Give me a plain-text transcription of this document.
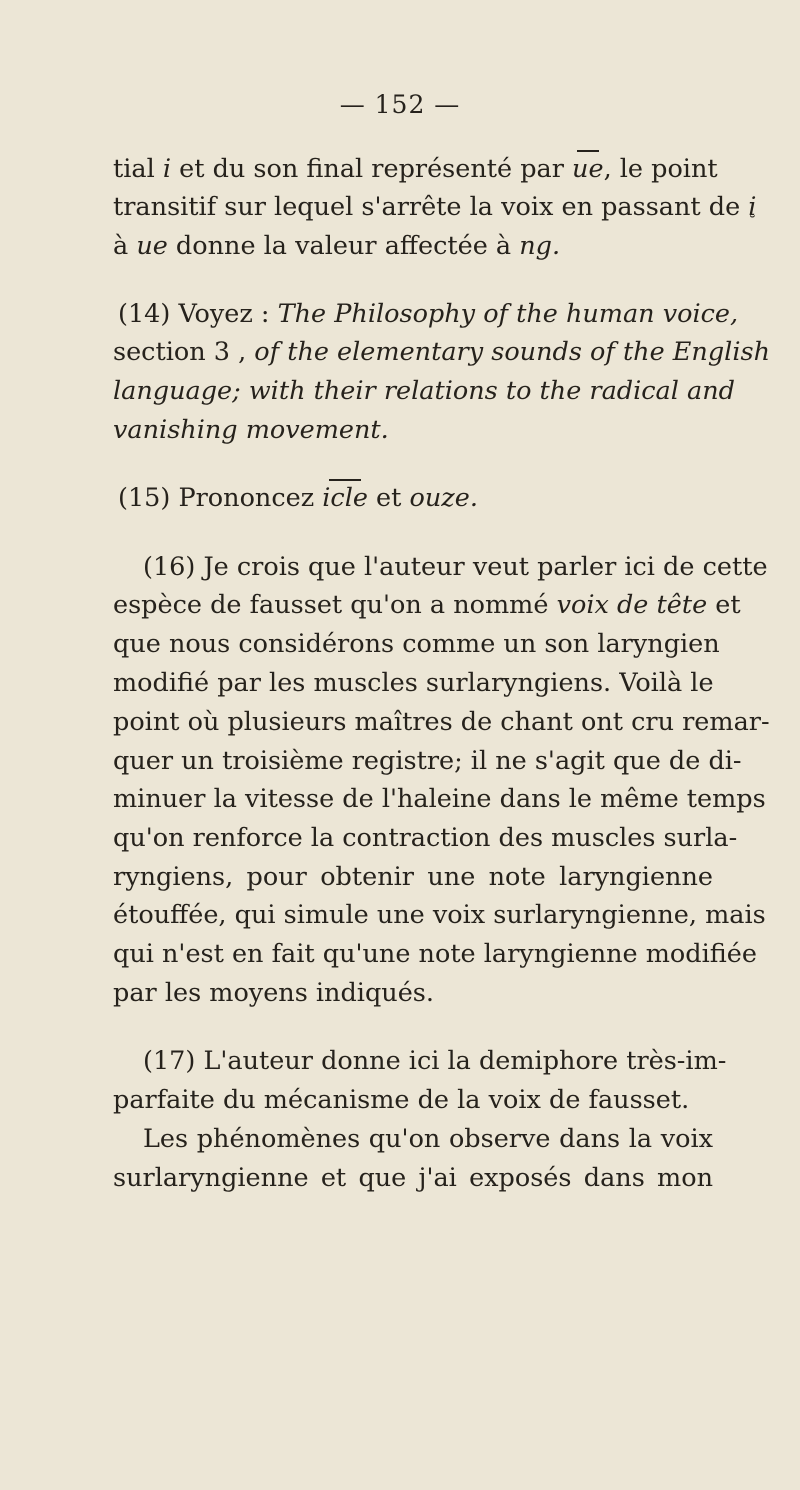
— 152 —
tial i et du son final représenté par ue, le point
transitif sur lequel s'arrête la voix en passant de i ˘
à ue donne la valeur affectée à ng.
(14) Voyez : The Philosophy of the human voice,
section 3 , of the elementary sounds of the English
language; with their relations to the radical and
vanishing movement.
(15) Prononcez icle et ouze.
(16) Je crois que l'auteur veut parler ici de cette
espèce de fausset qu'on a nommé voix de tête et
que nous considérons comme un son laryngien
modifié par les muscles surlaryngiens. Voilà le
point où plusieurs maîtres de chant ont cru remar-
quer un troisième registre; il ne s'agit que de di-
minuer la vitesse de l'haleine dans le même temps
qu'on renforce la contraction des muscles surla-
ryngiens, pour obtenir une note laryngienne
étouffée, qui simule une voix surlaryngienne, mais
qui n'est en fait qu'une note laryngienne modifiée
par les moyens indiqués.
(17) L'auteur donne ici la demiphore très-im-
parfaite du mécanisme de la voix de fausset.
Les phénomènes qu'on observe dans la voix
surlaryngienne et que j'ai exposés dans mon
